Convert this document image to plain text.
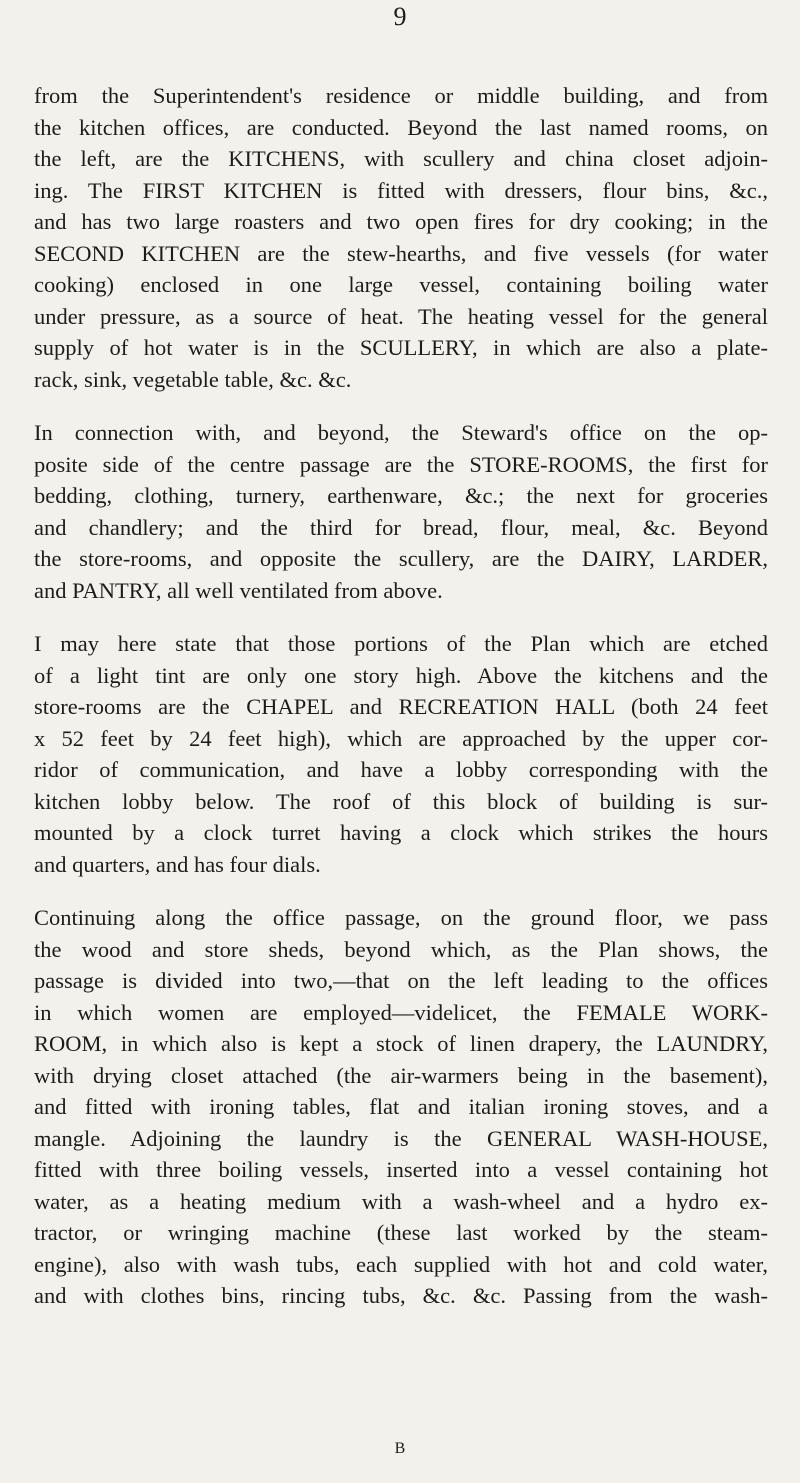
9
from the Superintendent's residence or middle building, and from
the kitchen offices, are conducted. Beyond the last named rooms, on
the left, are the KITCHENS, with scullery and china closet adjoin-
ing. The FIRST KITCHEN is fitted with dressers, flour bins, &c.,
and has two large roasters and two open fires for dry cooking; in the
SECOND KITCHEN are the stew-hearths, and five vessels (for water
cooking) enclosed in one large vessel, containing boiling water
under pressure, as a source of heat. The heating vessel for the general
supply of hot water is in the SCULLERY, in which are also a plate-
rack, sink, vegetable table, &c. &c.
In connection with, and beyond, the Steward's office on the op-
posite side of the centre passage are the STORE-ROOMS, the first for
bedding, clothing, turnery, earthenware, &c.; the next for groceries
and chandlery; and the third for bread, flour, meal, &c. Beyond
the store-rooms, and opposite the scullery, are the DAIRY, LARDER,
and PANTRY, all well ventilated from above.
I may here state that those portions of the Plan which are etched
of a light tint are only one story high. Above the kitchens and the
store-rooms are the CHAPEL and RECREATION HALL (both 24 feet
x 52 feet by 24 feet high), which are approached by the upper cor-
ridor of communication, and have a lobby corresponding with the
kitchen lobby below. The roof of this block of building is sur-
mounted by a clock turret having a clock which strikes the hours
and quarters, and has four dials.
Continuing along the office passage, on the ground floor, we pass
the wood and store sheds, beyond which, as the Plan shows, the
passage is divided into two,—that on the left leading to the offices
in which women are employed—videlicet, the FEMALE WORK-
ROOM, in which also is kept a stock of linen drapery, the LAUNDRY,
with drying closet attached (the air-warmers being in the basement),
and fitted with ironing tables, flat and italian ironing stoves, and a
mangle. Adjoining the laundry is the GENERAL WASH-HOUSE,
fitted with three boiling vessels, inserted into a vessel containing hot
water, as a heating medium with a wash-wheel and a hydro ex-
tractor, or wringing machine (these last worked by the steam-
engine), also with wash tubs, each supplied with hot and cold water,
and with clothes bins, rincing tubs, &c. &c. Passing from the wash-
B
